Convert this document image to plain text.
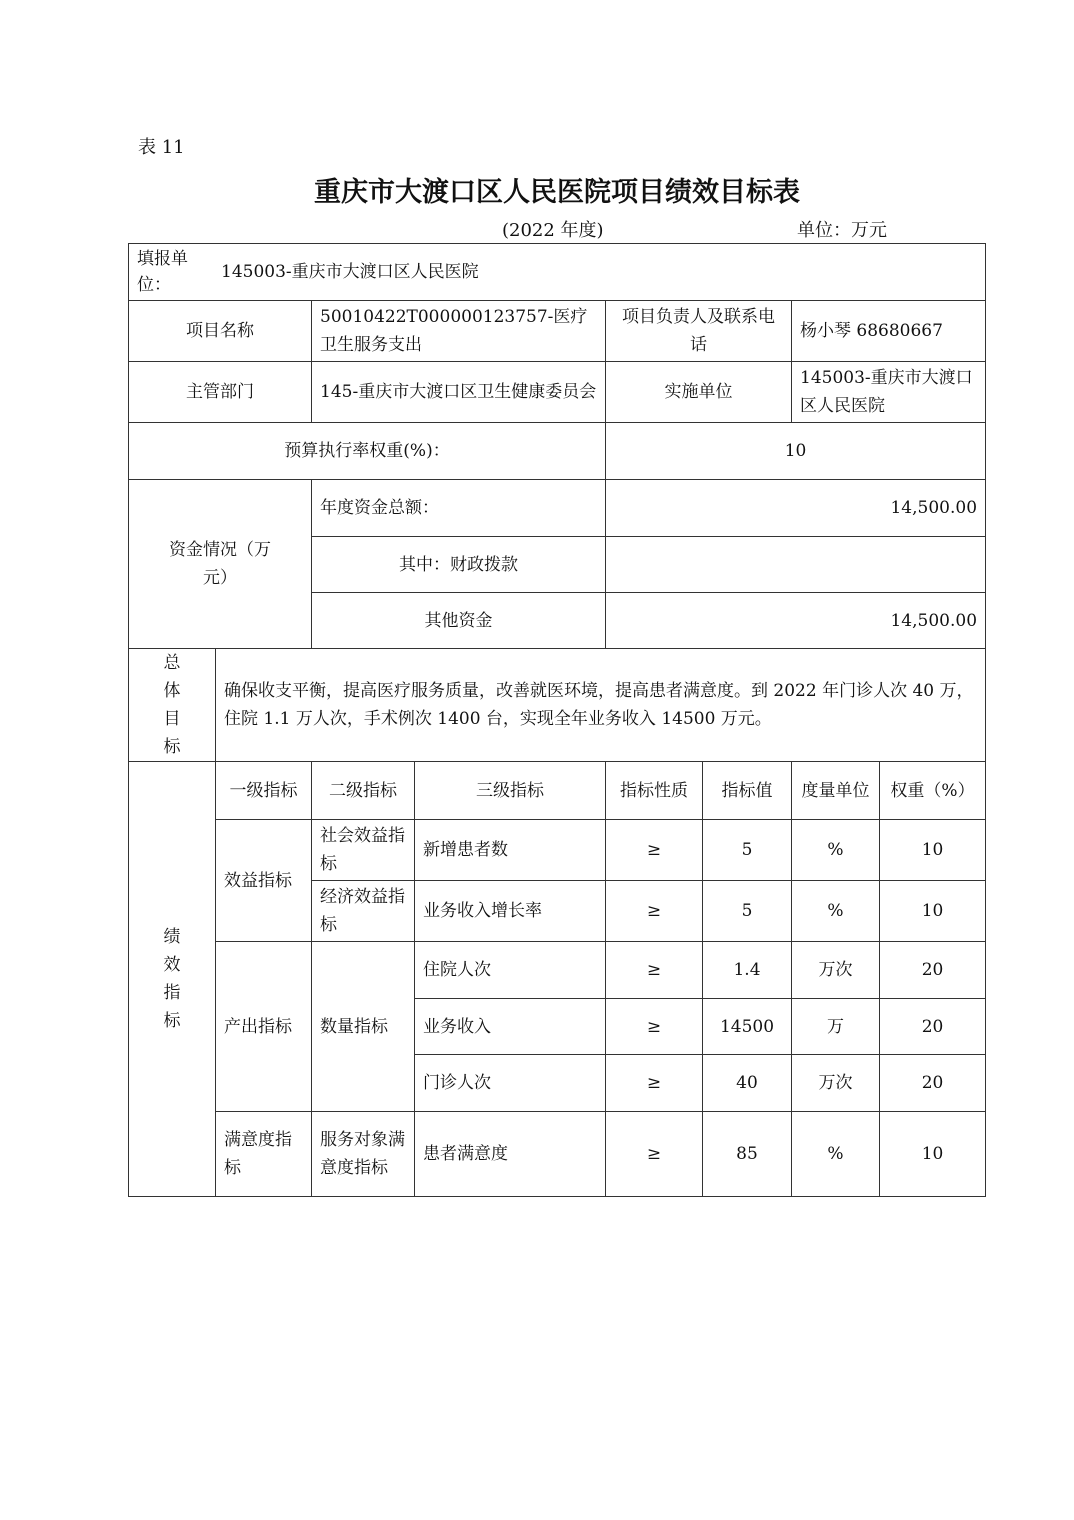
表 11
重庆市大渡口区人民医院项目绩效目标表
(2022 年度)	单位：万元
填报单位：
145003-重庆市大渡口区人民医院							

项目名称		50010422T000000123757-医疗卫生服务支出		项目负责人及联系电话		杨小琴 68680667	
主管部门		145-重庆市大渡口区卫生健康委员会		实施单位		145003-重庆市大渡口区人民医院	
预算执行率权重(%)：				10			
资金情况（万元）		年度资金总额：		14,500.00			
		其中：财政拨款					
		其他资金		14,500.00			
总体目标	确保收支平衡，提高医疗服务质量，改善就医环境，提高患者满意度。到 2022 年门诊人次 40 万，住院 1.1 万人次，手术例次 1400 台，实现全年业务收入 14500 万元。						
绩效指标	一级指标	二级指标	三级指标	指标性质	指标值	度量单位	权重（%）
	效益指标	社会效益指标	新增患者数	≥	5	%	10
		经济效益指标	业务收入增长率	≥	5	%	10
	产出指标	数量指标	住院人次	≥	1.4	万次	20
			业务收入	≥	14500	万	20
			门诊人次	≥	40	万次	20
	满意度指标	服务对象满意度指标	患者满意度	≥	85	%	10
